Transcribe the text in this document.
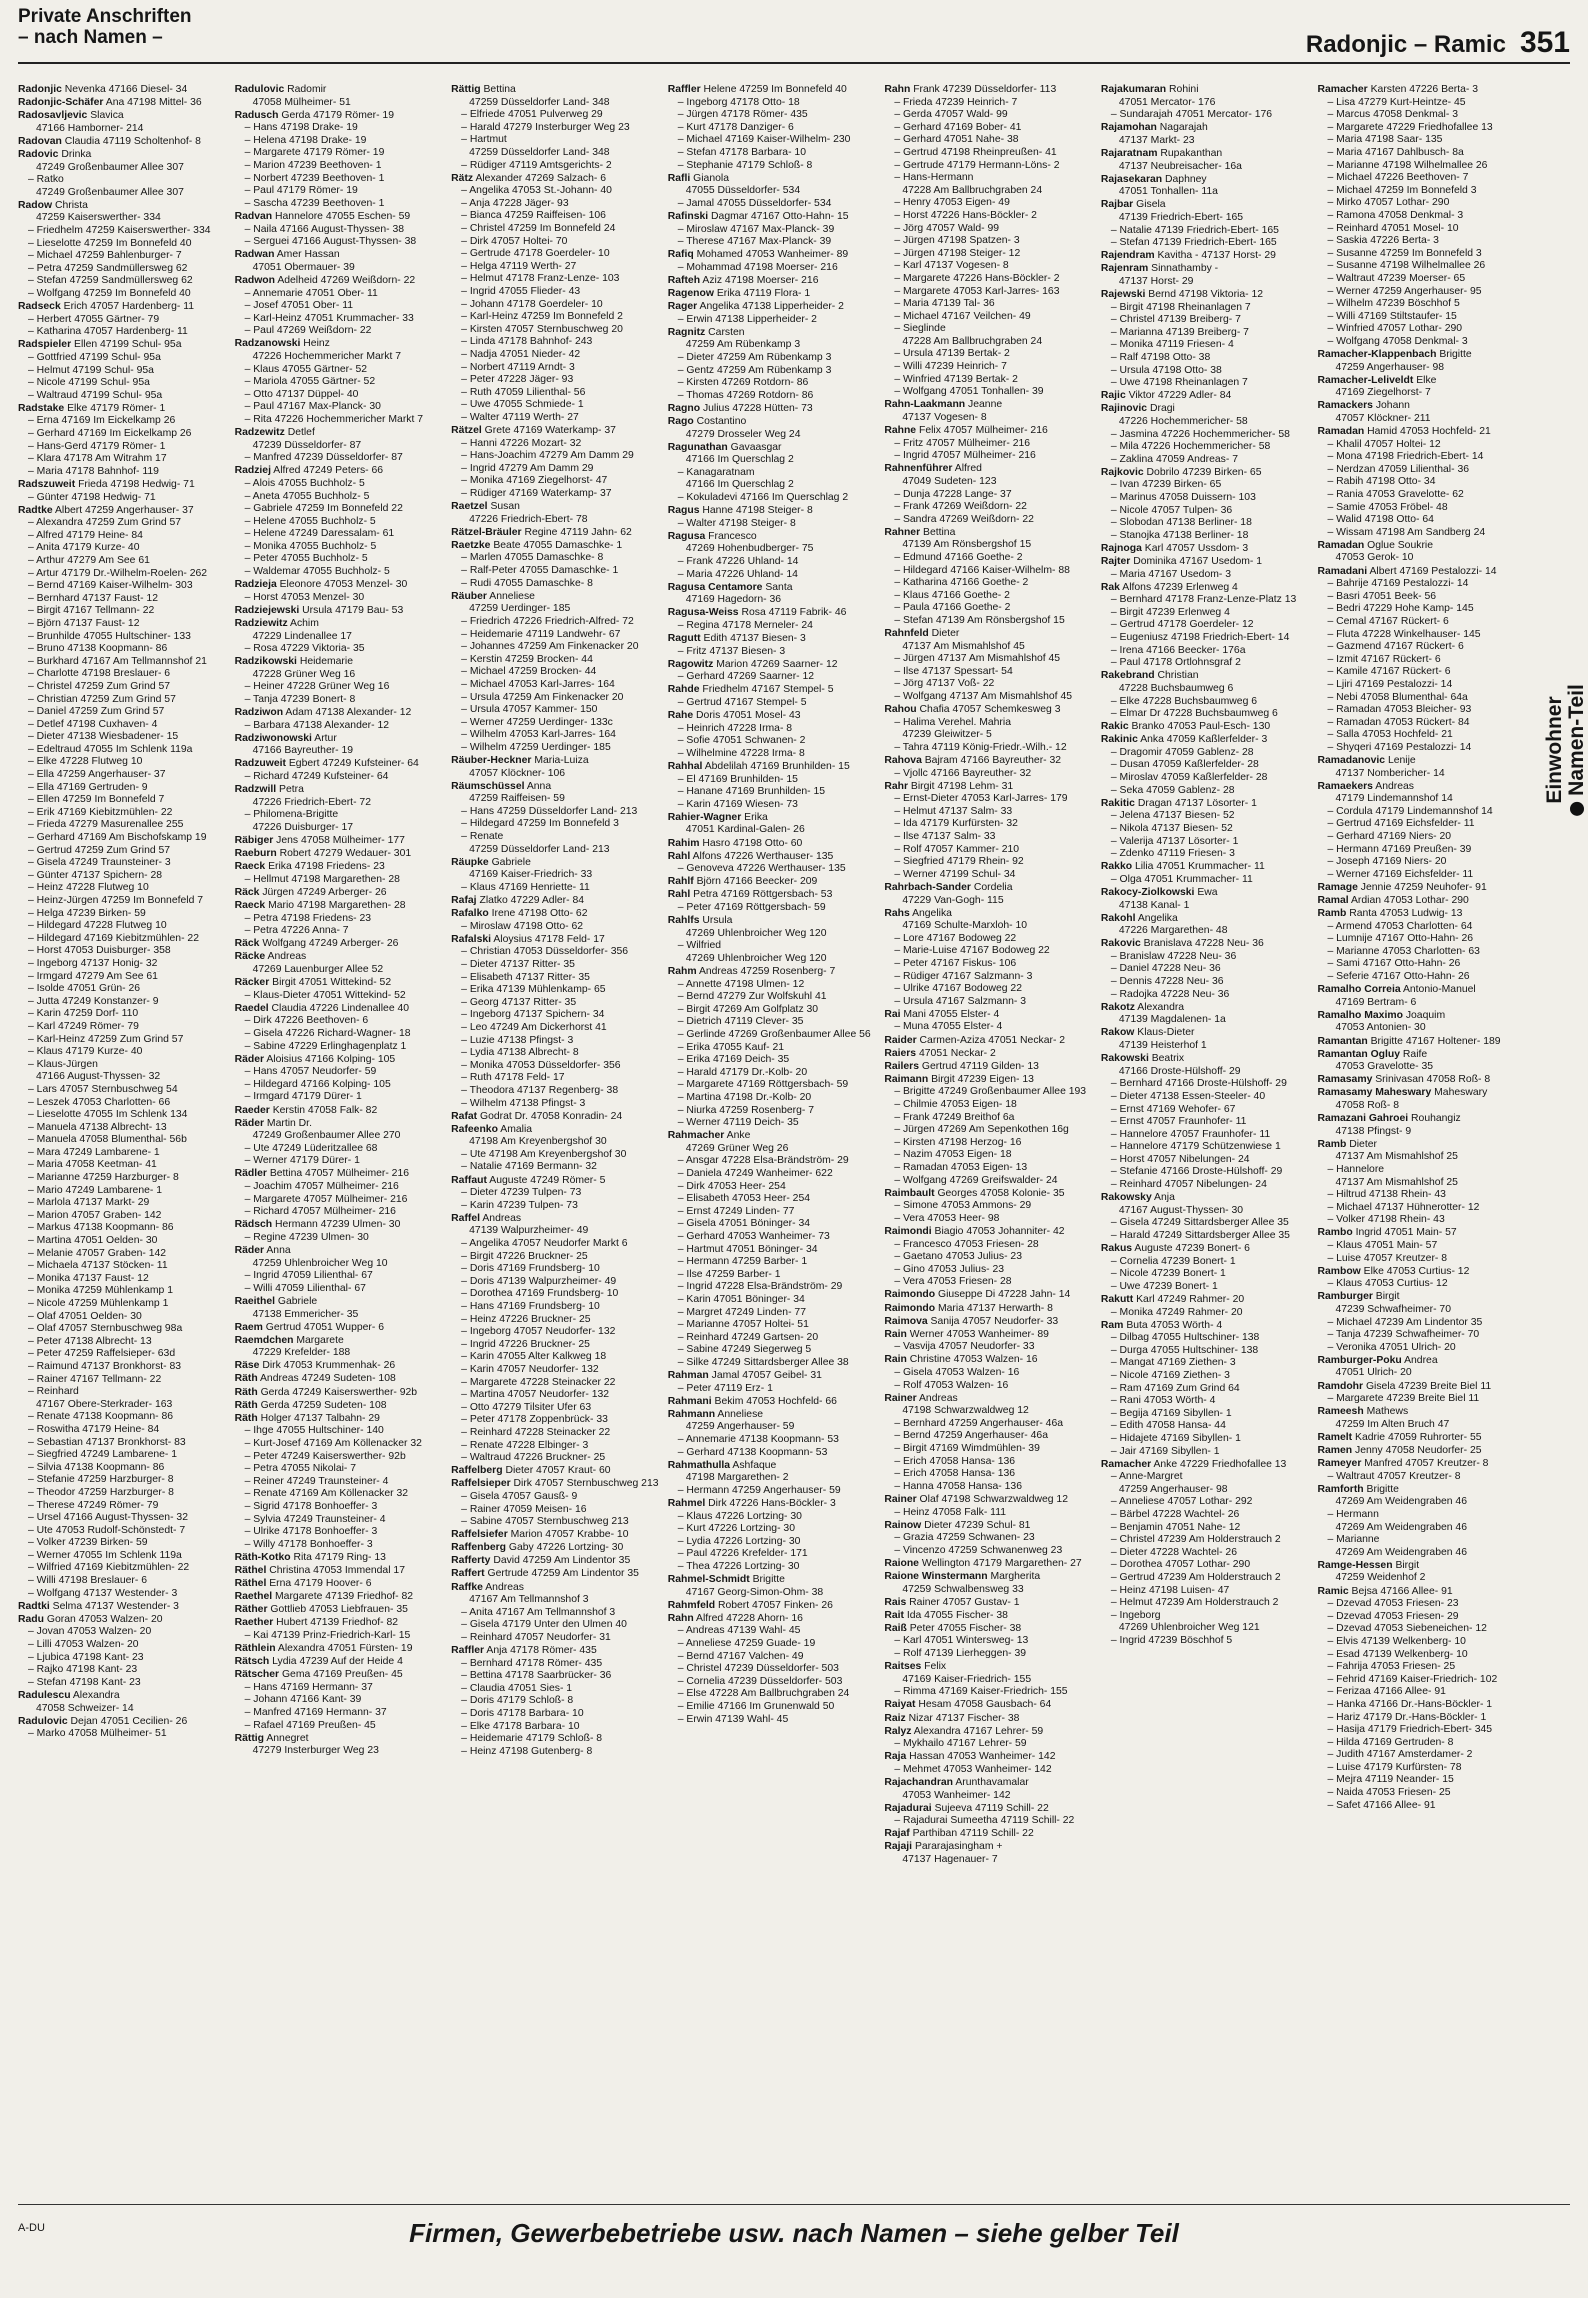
Private Anschriften
– nach Namen –	Radonjic – Ramic 351
Radonjic Nevenka 47166 Diesel- 34
Radonjic-Schäfer Ana 47198 Mittel- 36
Radosavljevic Slavica
47166 Hamborner- 214
Radovan Claudia 47119 Scholtenhof- 8
Radovic Drinka
47249 Großenbaumer Allee 307
– Ratko
47249 Großenbaumer Allee 307
Radow Christa
47259 Kaiserswerther- 334
– Friedhelm 47259 Kaiserswerther- 334
– Lieselotte 47259 Im Bonnefeld 40
– Michael 47259 Bahlenburger- 7
– Petra 47259 Sandmüllersweg 62
– Stefan 47259 Sandmüllersweg 62
– Wolfgang 47259 Im Bonnefeld 40
Radseck Erich 47057 Hardenberg- 11
– Herbert 47055 Gärtner- 79
– Katharina 47057 Hardenberg- 11
Radspieler Ellen 47199 Schul- 95a
– Gottfried 47199 Schul- 95a
– Helmut 47199 Schul- 95a
– Nicole 47199 Schul- 95a
– Waltraud 47199 Schul- 95a
Radstake Elke 47179 Römer- 1
– Erna 47169 Im Eickelkamp 26
– Gerhard 47169 Im Eickelkamp 26
– Hans-Gerd 47179 Römer- 1
– Klara 47178 Am Witrahm 17
– Maria 47178 Bahnhof- 119
Radszuweit Frieda 47198 Hedwig- 71
– Günter 47198 Hedwig- 71
Radtke Albert 47259 Angerhauser- 37
– Alexandra 47259 Zum Grind 57
– Alfred 47179 Heine- 84
– Anita 47179 Kurze- 40
– Arthur 47279 Am See 61
– Artur 47179 Dr.-Wilhelm-Roelen- 262
– Bernd 47169 Kaiser-Wilhelm- 303
– Bernhard 47137 Faust- 12
– Birgit 47167 Tellmann- 22
– Björn 47137 Faust- 12
– Brunhilde 47055 Hultschiner- 133
– Bruno 47138 Koopmann- 86
– Burkhard 47167 Am Tellmannshof 21
– Charlotte 47198 Breslauer- 6
– Christel 47259 Zum Grind 57
– Christian 47259 Zum Grind 57
– Daniel 47259 Zum Grind 57
– Detlef 47198 Cuxhaven- 4
– Dieter 47138 Wiesbadener- 15
– Edeltraud 47055 Im Schlenk 119a
– Elke 47228 Flutweg 10
– Ella 47259 Angerhauser- 37
– Ella 47169 Gertruden- 9
– Ellen 47259 Im Bonnefeld 7
– Erik 47169 Kiebitzmühlen- 22
– Frieda 47279 Masurenallee 255
– Gerhard 47169 Am Bischofskamp 19
– Gertrud 47259 Zum Grind 57
– Gisela 47249 Traunsteiner- 3
– Günter 47137 Spichern- 28
– Heinz 47228 Flutweg 10
– Heinz-Jürgen 47259 Im Bonnefeld 7
– Helga 47239 Birken- 59
– Hildegard 47228 Flutweg 10
– Hildegard 47169 Kiebitzmühlen- 22
– Horst 47053 Duisburger- 358
– Ingeborg 47137 Honig- 32
– Irmgard 47279 Am See 61
– Isolde 47051 Grün- 26
– Jutta 47249 Konstanzer- 9
– Karin 47259 Dorf- 110
– Karl 47249 Römer- 79
– Karl-Heinz 47259 Zum Grind 57
– Klaus 47179 Kurze- 40
– Klaus-Jürgen
47166 August-Thyssen- 32
– Lars 47057 Sternbuschweg 54
– Leszek 47053 Charlotten- 66
– Lieselotte 47055 Im Schlenk 134
– Manuela 47138 Albrecht- 13
– Manuela 47058 Blumenthal- 56b
– Mara 47249 Lambarene- 1
– Maria 47058 Keetman- 41
– Marianne 47259 Harzburger- 8
– Mario 47249 Lambarene- 1
– Marlola 47137 Markt- 29
– Marion 47057 Graben- 142
– Markus 47138 Koopmann- 86
– Martina 47051 Oelden- 30
– Melanie 47057 Graben- 142
– Michaela 47137 Stöcken- 11
– Monika 47137 Faust- 12
– Monika 47259 Mühlenkamp 1
– Nicole 47259 Mühlenkamp 1
– Olaf 47051 Oelden- 30
– Olaf 47057 Sternbuschweg 98a
– Peter 47138 Albrecht- 13
– Peter 47259 Raffelsieper- 63d
– Raimund 47137 Bronkhorst- 83
– Rainer 47167 Tellmann- 22
– Reinhard
47167 Obere-Sterkrader- 163
– Renate 47138 Koopmann- 86
– Roswitha 47179 Heine- 84
– Sebastian 47137 Bronkhorst- 83
– Siegfried 47249 Lambarene- 1
– Silvia 47138 Koopmann- 86
– Stefanie 47259 Harzburger- 8
– Theodor 47259 Harzburger- 8
– Therese 47249 Römer- 79
– Ursel 47166 August-Thyssen- 32
– Ute 47053 Rudolf-Schönstedt- 7
– Volker 47239 Birken- 59
– Werner 47055 Im Schlenk 119a
– Wilfried 47169 Kiebitzmühlen- 22
– Willi 47198 Breslauer- 6
– Wolfgang 47137 Westender- 3
Radtki Selma 47137 Westender- 3
Radu Goran 47053 Walzen- 20
– Jovan 47053 Walzen- 20
– Lilli 47053 Walzen- 20
– Ljubica 47198 Kant- 23
– Rajko 47198 Kant- 23
– Stefan 47198 Kant- 23
Radulescu Alexandra
47058 Schweizer- 14
Radulovic Dejan 47051 Cecilien- 26
– Marko 47058 Mülheimer- 51
Radulovic Radomir
47058 Mülheimer- 51
Radusch Gerda 47179 Römer- 19
– Hans 47198 Drake- 19
– Helena 47198 Drake- 19
– Margarete 47179 Römer- 19
– Marion 47239 Beethoven- 1
– Norbert 47239 Beethoven- 1
– Paul 47179 Römer- 19
– Sascha 47239 Beethoven- 1
Radvan Hannelore 47055 Eschen- 59
– Naila 47166 August-Thyssen- 38
– Serguei 47166 August-Thyssen- 38
Radwan Amer Hassan
47051 Obermauer- 39
Radwon Adelheid 47269 Weißdorn- 22
– Annemarie 47051 Ober- 11
– Josef 47051 Ober- 11
– Karl-Heinz 47051 Krummacher- 33
– Paul 47269 Weißdorn- 22
Radzanowski Heinz
47226 Hochemmericher Markt 7
– Klaus 47055 Gärtner- 52
– Mariola 47055 Gärtner- 52
– Otto 47137 Düppel- 40
– Paul 47167 Max-Planck- 30
– Rita 47226 Hochemmericher Markt 7
Radzewitz Detlef
47239 Düsseldorfer- 87
– Manfred 47239 Düsseldorfer- 87
Radziej Alfred 47249 Peters- 66
– Alois 47055 Buchholz- 5
– Aneta 47055 Buchholz- 5
– Gabriele 47259 Im Bonnefeld 22
– Helene 47055 Buchholz- 5
– Helene 47249 Daressalam- 61
– Monika 47055 Buchholz- 5
– Peter 47055 Buchholz- 5
– Waldemar 47055 Buchholz- 5
Radziejа Eleonore 47053 Menzel- 30
– Horst 47053 Menzel- 30
Radziejewski Ursula 47179 Bau- 53
Radziewitz Achim
47229 Lindenallee 17
– Rosa 47229 Viktoria- 35
Radzikowski Heidemarie
47228 Grüner Weg 16
– Heiner 47228 Grüner Weg 16
– Tanja 47239 Bonert- 8
Radziwon Adam 47138 Alexander- 12
– Barbara 47138 Alexander- 12
Radziwonowski Artur
47166 Bayreuther- 19
Radzuweit Egbert 47249 Kufsteiner- 64
– Richard 47249 Kufsteiner- 64
Radzwill Petra
47226 Friedrich-Ebert- 72
– Philomena-Brigitte
47226 Duisburger- 17
Räbiger Jens 47058 Mülheimer- 177
Raeburn Robert 47279 Wedauer- 301
Raeck Erika 47198 Friedens- 23
– Hellmut 47198 Margarethen- 28
Räck Jürgen 47249 Arberger- 26
Raeck Mario 47198 Margarethen- 28
– Petra 47198 Friedens- 23
– Petra 47226 Anna- 7
Räck Wolfgang 47249 Arberger- 26
Räcke Andreas
47269 Lauenburger Allee 52
Räcker Birgit 47051 Wittekind- 52
– Klaus-Dieter 47051 Wittekind- 52
Raedel Claudia 47226 Lindenallee 40
– Dirk 47226 Beethoven- 6
– Gisela 47226 Richard-Wagner- 18
– Sabine 47229 Erlinghagenplatz 1
Räder Aloisius 47166 Kolping- 105
– Hans 47057 Neudorfer- 59
– Hildegard 47166 Kolping- 105
– Irmgard 47179 Dürer- 1
Raeder Kerstin 47058 Falk- 82
Räder Martin Dr.
47249 Großenbaumer Allee 270
– Ute 47249 Lüderitzallee 68
– Werner 47179 Dürer- 1
Rädler Bettina 47057 Mülheimer- 216
– Joachim 47057 Mülheimer- 216
– Margarete 47057 Mülheimer- 216
– Richard 47057 Mülheimer- 216
Rädsch Hermann 47239 Ulmen- 30
– Regine 47239 Ulmen- 30
Räder Anna
47259 Uhlenbroicher Weg 10
– Ingrid 47059 Lilienthal- 67
– Willi 47059 Lilienthal- 67
Raeithel Gabriele
47138 Emmericher- 35
Raem Gertrud 47051 Wupper- 6
Raemdchen Margarete
47229 Krefelder- 188
Räse Dirk 47053 Krummenhak- 26
Räth Andreas 47249 Sudeten- 108
Räth Gerda 47249 Kaiserswerther- 92b
Räth Gerda 47259 Sudeten- 108
Räth Holger 47137 Talbahn- 29
– Ihge 47055 Hultschiner- 140
– Kurt-Josef 47169 Am Köllenacker 32
– Peter 47249 Kaiserswerther- 92b
– Petra 47055 Nikolai- 7
– Reiner 47249 Traunsteiner- 4
– Renate 47169 Am Köllenacker 32
– Sigrid 47178 Bonhoeffer- 3
– Sylvia 47249 Traunsteiner- 4
– Ulrike 47178 Bonhoeffer- 3
– Willy 47178 Bonhoeffer- 3
Räth-Kotko Rita 47179 Ring- 13
Räthel Christina 47053 Immendal 17
Räthel Erna 47179 Hoover- 6
Raethel Margarete 47139 Friedhof- 82
Räther Gottlieb 47053 Liebfrauen- 35
Raether Hubert 47139 Friedhof- 82
– Kai 47139 Prinz-Friedrich-Karl- 15
Räthlein Alexandra 47051 Fürsten- 19
Rätsch Lydia 47239 Auf der Heide 4
Rätscher Gema 47169 Preußen- 45
– Hans 47169 Hermann- 37
– Johann 47166 Kant- 39
– Manfred 47169 Hermann- 37
– Rafael 47169 Preußen- 45
Rättig Annegret
47279 Insterburger Weg 23
Rättig Bettina
47259 Düsseldorfer Land- 348
– Elfriede 47051 Pulverweg 29
– Harald 47279 Insterburger Weg 23
– Hartmut
47259 Düsseldorfer Land- 348
– Rüdiger 47119 Amtsgerichts- 2
Rätz Alexander 47269 Salzach- 6
– Angelika 47053 St.-Johann- 40
– Anja 47228 Jäger- 93
– Bianca 47259 Raiffeisen- 106
– Christel 47259 Im Bonnefeld 24
– Dirk 47057 Holtei- 70
– Gertrude 47178 Goerdeler- 10
– Helga 47119 Werth- 27
– Helmut 47178 Franz-Lenze- 103
– Ingrid 47055 Flieder- 43
– Johann 47178 Goerdeler- 10
– Karl-Heinz 47259 Im Bonnefeld 2
– Kirsten 47057 Sternbuschweg 20
– Linda 47178 Bahnhof- 243
– Nadja 47051 Nieder- 42
– Norbert 47119 Arndt- 3
– Peter 47228 Jäger- 93
– Ruth 47059 Lilienthal- 56
– Uwe 47055 Schmiede- 1
– Walter 47119 Werth- 27
Rätzel Grete 47169 Waterkamp- 37
– Hanni 47226 Mozart- 32
– Hans-Joachim 47279 Am Damm 29
– Ingrid 47279 Am Damm 29
– Monika 47169 Ziegelhorst- 47
– Rüdiger 47169 Waterkamp- 37
Raetzel Susan
47226 Friedrich-Ebert- 78
Rätzel-Bräuler Regine 47119 Jahn- 62
Raetzke Beate 47055 Damaschke- 1
– Marlen 47055 Damaschke- 8
– Ralf-Peter 47055 Damaschke- 1
– Rudi 47055 Damaschke- 8
Räuber Anneliese
47259 Uerdinger- 185
– Friedrich 47226 Friedrich-Alfred- 72
– Heidemarie 47119 Landwehr- 67
– Johannes 47259 Am Finkenacker 20
– Kerstin 47259 Brocken- 44
– Michael 47259 Brocken- 44
– Michael 47053 Karl-Jarres- 164
– Ursula 47259 Am Finkenacker 20
– Ursula 47057 Kammer- 150
– Werner 47259 Uerdinger- 133c
– Wilhelm 47053 Karl-Jarres- 164
– Wilhelm 47259 Uerdinger- 185
Räuber-Heckner Maria-Luiza
47057 Klöckner- 106
Räumschüssel Anna
47259 Raiffeisen- 59
– Hans 47259 Düsseldorfer Land- 213
– Hildegard 47259 Im Bonnefeld 3
– Renate
47259 Düsseldorfer Land- 213
Räupke Gabriele
47169 Kaiser-Friedrich- 33
– Klaus 47169 Henriette- 11
Rafaj Zlatko 47229 Adler- 84
Rafalko Irene 47198 Otto- 62
– Miroslaw 47198 Otto- 62
Rafalski Aloysius 47178 Feld- 17
– Christian 47053 Düsseldorfer- 356
– Dieter 47137 Ritter- 35
– Elisabeth 47137 Ritter- 35
– Erika 47139 Mühlenkamp- 65
– Georg 47137 Ritter- 35
– Ingeborg 47137 Spichern- 34
– Leo 47249 Am Dickerhorst 41
– Luzie 47138 Pfingst- 3
– Lydia 47138 Albrecht- 8
– Monika 47053 Düsseldorfer- 356
– Ruth 47178 Feld- 17
– Theodora 47137 Regenberg- 38
– Wilhelm 47138 Pfingst- 3
Rafat Godrat Dr. 47058 Konradin- 24
Rafeenko Amalia
47198 Am Kreyenbergshof 30
– Ute 47198 Am Kreyenbergshof 30
– Natalie 47169 Bermann- 32
Raffaut Auguste 47249 Römer- 5
– Dieter 47239 Tulpen- 73
– Karin 47239 Tulpen- 73
Raffel Andreas
47139 Walpurzheimer- 49
– Angelika 47057 Neudorfer Markt 6
– Birgit 47226 Bruckner- 25
– Doris 47169 Frundsberg- 10
– Doris 47139 Walpurzheimer- 49
– Dorothea 47169 Frundsberg- 10
– Hans 47169 Frundsberg- 10
– Heinz 47226 Bruckner- 25
– Ingeborg 47057 Neudorfer- 132
– Ingrid 47226 Bruckner- 25
– Karin 47055 Alter Kalkweg 18
– Karin 47057 Neudorfer- 132
– Margarete 47228 Steinacker 22
– Martina 47057 Neudorfer- 132
– Otto 47279 Tilsiter Ufer 63
– Peter 47178 Zoppenbrück- 33
– Reinhard 47228 Steinacker 22
– Renate 47228 Elbinger- 3
– Waltraud 47226 Bruckner- 25
Raffelberg Dieter 47057 Kraut- 60
Raffelsieper Dirk 47057 Sternbuschweg 213
– Gisela 47057 Gausß- 9
– Rainer 47059 Meisen- 16
– Sabine 47057 Sternbuschweg 213
Raffelsiefer Marion 47057 Krabbe- 10
Raffenberg Gaby 47226 Lortzing- 30
Rafferty David 47259 Am Lindentor 35
Raffert Gertrude 47259 Am Lindentor 35
Raffke Andreas
47167 Am Tellmannshof 3
– Anita 47167 Am Tellmannshof 3
– Gisela 47179 Unter den Ulmen 40
– Reinhard 47057 Neudorfer- 31
Raffler Anja 47178 Römer- 435
– Bernhard 47178 Römer- 435
– Bettina 47178 Saarbrücker- 36
– Claudia 47051 Sies- 1
– Doris 47179 Schloß- 8
– Doris 47178 Barbara- 10
– Elke 47178 Barbara- 10
– Heidemarie 47179 Schloß- 8
– Heinz 47198 Gutenberg- 8
Raffler Helene 47259 Im Bonnefeld 40
– Ingeborg 47178 Otto- 18
– Jürgen 47178 Römer- 435
– Kurt 47178 Danziger- 6
– Michael 47169 Kaiser-Wilhelm- 230
– Stefan 47178 Barbara- 10
– Stephanie 47179 Schloß- 8
Rafli Gianola
47055 Düsseldorfer- 534
– Jamal 47055 Düsseldorfer- 534
Rafinski Dagmar 47167 Otto-Hahn- 15
– Miroslaw 47167 Max-Planck- 39
– Therese 47167 Max-Planck- 39
Rafiq Mohamed 47053 Wanheimer- 89
– Mohammad 47198 Moerser- 216
Rafteh Aziz 47198 Moerser- 216
Ragenow Erika 47119 Flora- 1
Rager Angelika 47138 Lipperheider- 2
– Erwin 47138 Lipperheider- 2
Ragnitz Carsten
47259 Am Rübenkamp 3
– Dieter 47259 Am Rübenkamp 3
– Gentz 47259 Am Rübenkamp 3
– Kirsten 47269 Rotdorn- 86
– Thomas 47269 Rotdorn- 86
Ragno Julius 47228 Hütten- 73
Rago Costantino
47279 Drosseler Weg 24
Ragunathan Gavaasgar
47166 Im Querschlag 2
– Kanagaratnam
47166 Im Querschlag 2
– Kokuladevi 47166 Im Querschlag 2
Ragus Hanne 47198 Steiger- 8
– Walter 47198 Steiger- 8
Ragusa Francesco
47269 Hohenbudberger- 75
– Frank 47226 Uhland- 14
– Maria 47226 Uhland- 14
Ragusa Centamore Santa
47169 Hagedorn- 36
Ragusa-Weiss Rosa 47119 Fabrik- 46
– Regina 47178 Merneler- 24
Ragutt Edith 47137 Biesen- 3
– Fritz 47137 Biesen- 3
Ragowitz Marion 47269 Saarner- 12
– Gerhard 47269 Saarner- 12
Rahde Friedhelm 47167 Stempel- 5
– Gertrud 47167 Stempel- 5
Rahe Doris 47051 Mosel- 43
– Heinrich 47228 Irma- 8
– Sofie 47051 Schwanen- 2
– Wilhelmine 47228 Irma- 8
Rahhal Abdelilah 47169 Brunhilden- 15
– El 47169 Brunhilden- 15
– Hanane 47169 Brunhilden- 15
– Karin 47169 Wiesen- 73
Rahier-Wagner Erika
47051 Kardinal-Galen- 26
Rahim Hasro 47198 Otto- 60
Rahl Alfons 47226 Werthauser- 135
– Genoveva 47226 Werthauser- 135
Rahlf Björn 47166 Beecker- 209
Rahl Petra 47169 Röttgersbach- 53
– Peter 47169 Röttgersbach- 59
Rahlfs Ursula
47269 Uhlenbroicher Weg 120
– Wilfried
47269 Uhlenbroicher Weg 120
Rahm Andreas 47259 Rosenberg- 7
– Annette 47198 Ulmen- 12
– Bernd 47279 Zur Wolfskuhl 41
– Birgit 47269 Am Golfplatz 30
– Dietrich 47119 Clever- 35
– Gerlinde 47269 Großenbaumer Allee 56
– Erika 47055 Kauf- 21
– Erika 47169 Deich- 35
– Harald 47179 Dr.-Kolb- 20
– Margarete 47169 Röttgersbach- 59
– Martina 47198 Dr.-Kolb- 20
– Niurka 47259 Rosenberg- 7
– Werner 47119 Deich- 35
Rahmacher Anke
47269 Grüner Weg 26
– Ansgar 47228 Elsa-Brändström- 29
– Daniela 47249 Wanheimer- 622
– Dirk 47053 Heer- 254
– Elisabeth 47053 Heer- 254
– Ernst 47249 Linden- 77
– Gisela 47051 Böninger- 34
– Gerhard 47053 Wanheimer- 73
– Hartmut 47051 Böninger- 34
– Hermann 47259 Barber- 1
– Ilse 47259 Barber- 1
– Ingrid 47228 Elsa-Brändström- 29
– Karin 47051 Böninger- 34
– Margret 47249 Linden- 77
– Marianne 47057 Holtei- 51
– Reinhard 47249 Gartsen- 20
– Sabine 47249 Siegerweg 5
– Silke 47249 Sittardsberger Allee 38
Rahman Jamal 47057 Geibel- 31
– Peter 47119 Erz- 1
Rahmani Bekim 47053 Hochfeld- 66
Rahmann Anneliese
47259 Angerhauser- 59
– Annemarie 47138 Koopmann- 53
– Gerhard 47138 Koopmann- 53
Rahmathulla Ashfaque
47198 Margarethen- 2
– Hermann 47259 Angerhauser- 59
Rahmel Dirk 47226 Hans-Böckler- 3
– Klaus 47226 Lortzing- 30
– Kurt 47226 Lortzing- 30
– Lydia 47226 Lortzing- 30
– Paul 47226 Krefelder- 171
– Thea 47226 Lortzing- 30
Rahmel-Schmidt Brigitte
47167 Georg-Simon-Ohm- 38
Rahmfeld Robert 47057 Finken- 26
Rahn Alfred 47228 Ahorn- 16
– Andreas 47139 Wahl- 45
– Anneliese 47259 Guade- 19
– Bernd 47167 Valchen- 49
– Christel 47239 Düsseldorfer- 503
– Cornelia 47239 Düsseldorfer- 503
– Else 47228 Am Ballbruchgraben 24
– Emilie 47166 Im Grunenwald 50
– Erwin 47139 Wahl- 45
Rahn Frank 47239 Düsseldorfer- 113
– Frieda 47239 Heinrich- 7
– Gerda 47057 Wald- 99
– Gerhard 47169 Bober- 41
– Gerhard 47051 Nahe- 38
– Gertrud 47198 Rheinpreußen- 41
– Gertrude 47179 Hermann-Löns- 2
– Hans-Hermann
47228 Am Ballbruchgraben 24
– Henry 47053 Eigen- 49
– Horst 47226 Hans-Böckler- 2
– Jörg 47057 Wald- 99
– Jürgen 47198 Spatzen- 3
– Jürgen 47198 Steiger- 12
– Karl 47137 Vogesen- 8
– Margarete 47226 Hans-Böckler- 2
– Margarete 47053 Karl-Jarres- 163
– Maria 47139 Tal- 36
– Michael 47167 Veilchen- 49
– Sieglinde
47228 Am Ballbruchgraben 24
– Ursula 47139 Bertak- 2
– Willi 47239 Heinrich- 7
– Winfried 47139 Bertak- 2
– Wolfgang 47051 Tonhallen- 39
Rahn-Laakmann Jeanne
47137 Vogesen- 8
Rahne Felix 47057 Mülheimer- 216
– Fritz 47057 Mülheimer- 216
– Ingrid 47057 Mülheimer- 216
Rahnenführer Alfred
47049 Sudeten- 123
– Dunja 47228 Lange- 37
– Frank 47269 Weißdorn- 22
– Sandra 47269 Weißdorn- 22
Rahner Bettina
47139 Am Rönsbergshof 15
– Edmund 47166 Goethe- 2
– Hildegard 47166 Kaiser-Wilhelm- 88
– Katharina 47166 Goethe- 2
– Klaus 47166 Goethe- 2
– Paula 47166 Goethe- 2
– Stefan 47139 Am Rönsbergshof 15
Rahnfeld Dieter
47137 Am Mismahlshof 45
– Jürgen 47137 Am Mismahlshof 45
– Ilse 47137 Spessart- 54
– Jörg 47137 Voß- 22
– Wolfgang 47137 Am Mismahlshof 45
Rahou Chafia 47057 Schemkesweg 3
– Halima Verehel. Mahria
47239 Gleiwitzer- 5
– Tahra 47119 König-Friedr.-Wilh.- 12
Rahova Bajram 47166 Bayreuther- 32
– Vjollc 47166 Bayreuther- 32
Rahr Birgit 47198 Lehm- 31
– Ernst-Dieter 47053 Karl-Jarres- 179
– Helmut 47137 Salm- 33
– Ida 47179 Kurfürsten- 32
– Ilse 47137 Salm- 33
– Rolf 47057 Kammer- 210
– Siegfried 47179 Rhein- 92
– Werner 47199 Schul- 34
Rahrbach-Sander Cordelia
47229 Van-Gogh- 115
Rahs Angelika
47169 Schulte-Marxloh- 10
– Lore 47167 Bodoweg 22
– Marie-Luise 47167 Bodoweg 22
– Peter 47167 Fiskus- 106
– Rüdiger 47167 Salzmann- 3
– Ulrike 47167 Bodoweg 22
– Ursula 47167 Salzmann- 3
Rai Mani 47055 Elster- 4
– Muna 47055 Elster- 4
Raider Carmen-Aziza 47051 Neckar- 2
Raiers 47051 Neckar- 2
Railers Gertrud 47119 Gilden- 13
Raimann Birgit 47239 Eigen- 13
– Brigitte 47249 Großenbaumer Allee 193
– Chilmie 47053 Eigen- 18
– Frank 47249 Breithof 6a
– Jürgen 47269 Am Sepenkothen 16g
– Kirsten 47198 Herzog- 16
– Nazim 47053 Eigen- 18
– Ramadan 47053 Eigen- 13
– Wolfgang 47269 Greifswalder- 24
Raimbault Georges 47058 Kolonie- 35
– Simone 47053 Ammons- 29
– Vera 47053 Heer- 98
Raimondi Biagio 47053 Johanniter- 42
– Francesco 47053 Friesen- 28
– Gaetano 47053 Julius- 23
– Gino 47053 Julius- 23
– Vera 47053 Friesen- 28
Raimondo Giuseppe Di 47228 Jahn- 14
Raimondo Maria 47137 Herwarth- 8
Raimova Sanija 47057 Neudorfer- 33
Rain Werner 47053 Wanheimer- 89
– Vasvija 47057 Neudorfer- 33
Rain Christine 47053 Walzen- 16
– Gisela 47053 Walzen- 16
– Rolf 47053 Walzen- 16
Rainer Andreas
47198 Schwarzwaldweg 12
– Bernhard 47259 Angerhauser- 46a
– Bernd 47259 Angerhauser- 46a
– Birgit 47169 Wimdmühlen- 39
– Erich 47058 Hansa- 136
– Erich 47058 Hansa- 136
– Hanna 47058 Hansa- 136
Rainer Olaf 47198 Schwarzwaldweg 12
– Heinz 47058 Falk- 111
Rainow Dieter 47239 Schul- 81
– Grazia 47259 Schwanen- 23
– Vincenzo 47259 Schwanenweg 23
Raione Wellington 47179 Margarethen- 27
Raione Winstermann Margherita
47259 Schwalbensweg 33
Rais Rainer 47057 Gustav- 1
Rait Ida 47055 Fischer- 38
Raiß Peter 47055 Fischer- 38
– Karl 47051 Wintersweg- 13
– Rolf 47139 Lierheggen- 39
Raitses Felix
47169 Kaiser-Friedrich- 155
– Rimma 47169 Kaiser-Friedrich- 155
Raiyat Hesam 47058 Gausbach- 64
Raiz Nizar 47137 Fischer- 38
Ralyz Alexandra 47167 Lehrer- 59
– Mykhailo 47167 Lehrer- 59
Raja Hassan 47053 Wanheimer- 142
– Mehmet 47053 Wanheimer- 142
Rajachandran Arunthavamalar
47053 Wanheimer- 142
Rajadurai Sujeeva 47119 Schill- 22
– Rajadurai Sumeetha 47119 Schill- 22
Rajaf Parthiban 47119 Schill- 22
Rajaji Pararajasingham +
47137 Hagenauer- 7
Rajakumaran Rohini
47051 Mercator- 176
– Sundarajah 47051 Mercator- 176
Rajamohan Nagarajah
47137 Markt- 23
Rajaratnam Rupakanthan
47137 Neubreisacher- 16a
Rajasekaran Daphney
47051 Tonhallen- 11a
Rajbar Gisela
47139 Friedrich-Ebert- 165
– Natalie 47139 Friedrich-Ebert- 165
– Stefan 47139 Friedrich-Ebert- 165
Rajendram Kavitha - 47137 Horst- 29
Rajenram Sinnathamby -
47137 Horst- 29
Rajewski Bernd 47198 Viktoria- 12
– Birgit 47198 Rheinanlagen 7
– Christel 47139 Breiberg- 7
– Marianna 47139 Breiberg- 7
– Monika 47119 Friesen- 4
– Ralf 47198 Otto- 38
– Ursula 47198 Otto- 38
– Uwe 47198 Rheinanlagen 7
Rajic Viktor 47229 Adler- 84
Rajinovic Dragi
47226 Hochemmericher- 58
– Jasmina 47226 Hochemmericher- 58
– Mila 47226 Hochemmericher- 58
– Zaklina 47059 Andreas- 7
Rajkovic Dobrilo 47239 Birken- 65
– Ivan 47239 Birken- 65
– Marinus 47058 Duissern- 103
– Nicole 47057 Tulpen- 36
– Slobodan 47138 Berliner- 18
– Stanojka 47138 Berliner- 18
Rajnoga Karl 47057 Ussdom- 3
Rajter Dominika 47167 Usedom- 1
– Maria 47167 Usedom- 3
Rak Alfons 47239 Erlenweg 4
– Bernhard 47178 Franz-Lenze-Platz 13
– Birgit 47239 Erlenweg 4
– Gertrud 47178 Goerdeler- 12
– Eugeniusz 47198 Friedrich-Ebert- 14
– Irena 47166 Beecker- 176a
– Paul 47178 Ortlohnsgraf 2
Rakebrand Christian
47228 Buchsbaumweg 6
– Elke 47228 Buchsbaumweg 6
– Elmar Dr 47228 Buchsbaumweg 6
Rakic Branko 47053 Paul-Esch- 130
Rakinic Anka 47059 Kaßlerfelder- 3
– Dragomir 47059 Gablenz- 28
– Dusan 47059 Kaßlerfelder- 28
– Miroslav 47059 Kaßlerfelder- 28
– Seka 47059 Gablenz- 28
Rakitic Dragan 47137 Lösorter- 1
– Jelena 47137 Biesen- 52
– Nikola 47137 Biesen- 52
– Valerija 47137 Lösorter- 1
– Zdenko 47119 Friesen- 3
Rakko Lilia 47051 Krummacher- 11
– Olga 47051 Krummacher- 11
Rakocy-Ziolkowski Ewa
47138 Kanal- 1
Rakohl Angelika
47226 Margarethen- 48
Rakovic Branislava 47228 Neu- 36
– Branislaw 47228 Neu- 36
– Daniel 47228 Neu- 36
– Dennis 47228 Neu- 36
– Radojka 47228 Neu- 36
Rakotz Alexandra
47139 Magdalenen- 1a
Rakow Klaus-Dieter
47139 Heisterhof 1
Rakowski Beatrix
47166 Droste-Hülshoff- 29
– Bernhard 47166 Droste-Hülshoff- 29
– Dieter 47138 Essen-Steeler- 40
– Ernst 47169 Wehofer- 67
– Ernst 47057 Fraunhofer- 11
– Hannelore 47057 Fraunhofer- 11
– Hannelore 47179 Schützenwiese 1
– Horst 47057 Nibelungen- 24
– Stefanie 47166 Droste-Hülshoff- 29
– Reinhard 47057 Nibelungen- 24
Rakowsky Anja
47167 August-Thyssen- 30
– Gisela 47249 Sittardsberger Allee 35
– Harald 47249 Sittardsberger Allee 35
Rakus Auguste 47239 Bonert- 6
– Cornelia 47239 Bonert- 1
– Nicole 47239 Bonert- 1
– Uwe 47239 Bonert- 1
Rakutt Karl 47249 Rahmer- 20
– Monika 47249 Rahmer- 20
Ram Buta 47053 Wörth- 4
– Dilbag 47055 Hultschiner- 138
– Durga 47055 Hultschiner- 138
– Mangat 47169 Ziethen- 3
– Nicole 47169 Ziethen- 3
– Ram 47169 Zum Grind 64
– Rani 47053 Wörth- 4
– Begija 47169 Sibyllen- 1
– Edith 47058 Hansa- 44
– Hidajete 47169 Sibyllen- 1
– Jair 47169 Sibyllen- 1
Ramacher Anke 47229 Friedhofallee 13
– Anne-Margret
47259 Angerhauser- 98
– Anneliese 47057 Lothar- 292
– Bärbel 47228 Wachtel- 26
– Benjamin 47051 Nahe- 12
– Christel 47239 Am Holderstrauch 2
– Dieter 47228 Wachtel- 26
– Dorothea 47057 Lothar- 290
– Gertrud 47239 Am Holderstrauch 2
– Heinz 47198 Luisen- 47
– Helmut 47239 Am Holderstrauch 2
– Ingeborg
47269 Uhlenbroicher Weg 121
– Ingrid 47239 Böschhof 5
Ramacher Karsten 47226 Berta- 3
– Lisa 47279 Kurt-Heintze- 45
– Marcus 47058 Denkmal- 3
– Margarete 47229 Friedhofallee 13
– Maria 47198 Saar- 135
– Maria 47167 Dahlbusch- 8a
– Marianne 47198 Wilhelmallee 26
– Michael 47226 Beethoven- 7
– Michael 47259 Im Bonnefeld 3
– Mirko 47057 Lothar- 290
– Ramona 47058 Denkmal- 3
– Reinhard 47051 Mosel- 10
– Saskia 47226 Berta- 3
– Susanne 47259 Im Bonnefeld 3
– Susanne 47198 Wilhelmallee 26
– Waltraut 47239 Moerser- 65
– Werner 47259 Angerhauser- 95
– Wilhelm 47239 Böschhof 5
– Willi 47169 Stiltstaufer- 15
– Winfried 47057 Lothar- 290
– Wolfgang 47058 Denkmal- 3
Ramacher-Klappenbach Brigitte
47259 Angerhauser- 98
Ramacher-Leliveldt Elke
47169 Ziegelhorst- 7
Ramackers Johann
47057 Klöckner- 211
Ramadan Hamid 47053 Hochfeld- 21
– Khalil 47057 Holtei- 12
– Mona 47198 Friedrich-Ebert- 14
– Nerdzan 47059 Lilienthal- 36
– Rabih 47198 Otto- 34
– Rania 47053 Gravelotte- 62
– Samie 47053 Fröbel- 48
– Walid 47198 Otto- 64
– Wissam 47198 Am Sandberg 24
Ramadan Oglue Soukrie
47053 Gerok- 10
Ramadani Albert 47169 Pestalozzi- 14
– Bahrije 47169 Pestalozzi- 14
– Basri 47051 Beek- 56
– Bedri 47229 Hohe Kamp- 145
– Cemal 47167 Rückert- 6
– Fluta 47228 Winkelhauser- 145
– Gazmend 47167 Rückert- 6
– Izmit 47167 Rückert- 6
– Kamile 47167 Rückert- 6
– Ljiri 47169 Pestalozzi- 14
– Nebi 47058 Blumenthal- 64a
– Ramadan 47053 Bleicher- 93
– Ramadan 47053 Rückert- 84
– Salla 47053 Hochfeld- 21
– Shyqeri 47169 Pestalozzi- 14
Ramadanovic Lenije
47137 Nombericher- 14
Ramaekers Andreas
47179 Lindemannshof 14
– Cordula 47179 Lindemannshof 14
– Gertrud 47169 Eichsfelder- 11
– Gerhard 47169 Niers- 20
– Hermann 47169 Preußen- 39
– Joseph 47169 Niers- 20
– Werner 47169 Eichsfelder- 11
Ramage Jennie 47259 Neuhofer- 91
Ramal Ardian 47053 Lothar- 290
Ramb Ranta 47053 Ludwig- 13
– Armend 47053 Charlotten- 64
– Lumnije 47167 Otto-Hahn- 26
– Marianne 47053 Charlotten- 63
– Sami 47167 Otto-Hahn- 26
– Seferie 47167 Otto-Hahn- 26
Ramalho Correia Antonio-Manuel
47169 Bertram- 6
Ramalho Maximo Joaquim
47053 Antonien- 30
Ramantan Brigitte 47167 Holtener- 189
Ramantan Ogluy Raife
47053 Gravelotte- 35
Ramasamy Srinivasan 47058 Roß- 8
Ramasamy Maheswary Maheswary
47058 Roß- 8
Ramazani Gahroei Rouhangiz
47138 Pfingst- 9
Ramb Dieter
47137 Am Mismahlshof 25
– Hannelore
47137 Am Mismahlshof 25
– Hiltrud 47138 Rhein- 43
– Michael 47137 Hühnerotter- 12
– Volker 47198 Rhein- 43
Rambo Ingrid 47051 Main- 57
– Klaus 47051 Main- 57
– Luise 47057 Kreutzer- 8
Rambow Elke 47053 Curtius- 12
– Klaus 47053 Curtius- 12
Ramburger Birgit
47239 Schwafheimer- 70
– Michael 47239 Am Lindentor 35
– Tanja 47239 Schwafheimer- 70
– Veronika 47051 Ulrich- 20
Ramburger-Poku Andrea
47051 Ulrich- 20
Ramdohr Gisela 47239 Breite Biel 11
– Margarete 47239 Breite Biel 11
Rameesh Mathews
47259 Im Alten Bruch 47
Ramelt Kadrie 47059 Ruhrorter- 55
Ramen Jenny 47058 Neudorfer- 25
Rameyer Manfred 47057 Kreutzer- 8
– Waltraut 47057 Kreutzer- 8
Ramforth Brigitte
47269 Am Weidengraben 46
– Hermann
47269 Am Weidengraben 46
– Marianne
47269 Am Weidengraben 46
Ramge-Hessen Birgit
47259 Weidenhof 2
Ramic Bejsa 47166 Allee- 91
– Dzevad 47053 Friesen- 23
– Dzevad 47053 Friesen- 29
– Dzevad 47053 Siebeneichen- 12
– Elvis 47139 Welkenberg- 10
– Esad 47139 Welkenberg- 10
– Fahrija 47053 Friesen- 25
– Fehrid 47169 Kaiser-Friedrich- 102
– Ferizaa 47166 Allee- 91
– Hanka 47166 Dr.-Hans-Böckler- 1
– Hariz 47179 Dr.-Hans-Böckler- 1
– Hasija 47179 Friedrich-Ebert- 345
– Hilda 47169 Gertruden- 8
– Judith 47167 Amsterdamer- 2
– Luise 47179 Kurfürsten- 78
– Mejra 47119 Neander- 15
– Naida 47053 Friesen- 25
– Safet 47166 Allee- 91
Einwohner Namen-Teil
A-DU	Firmen, Gewerbebetriebe usw. nach Namen – siehe gelber Teil
